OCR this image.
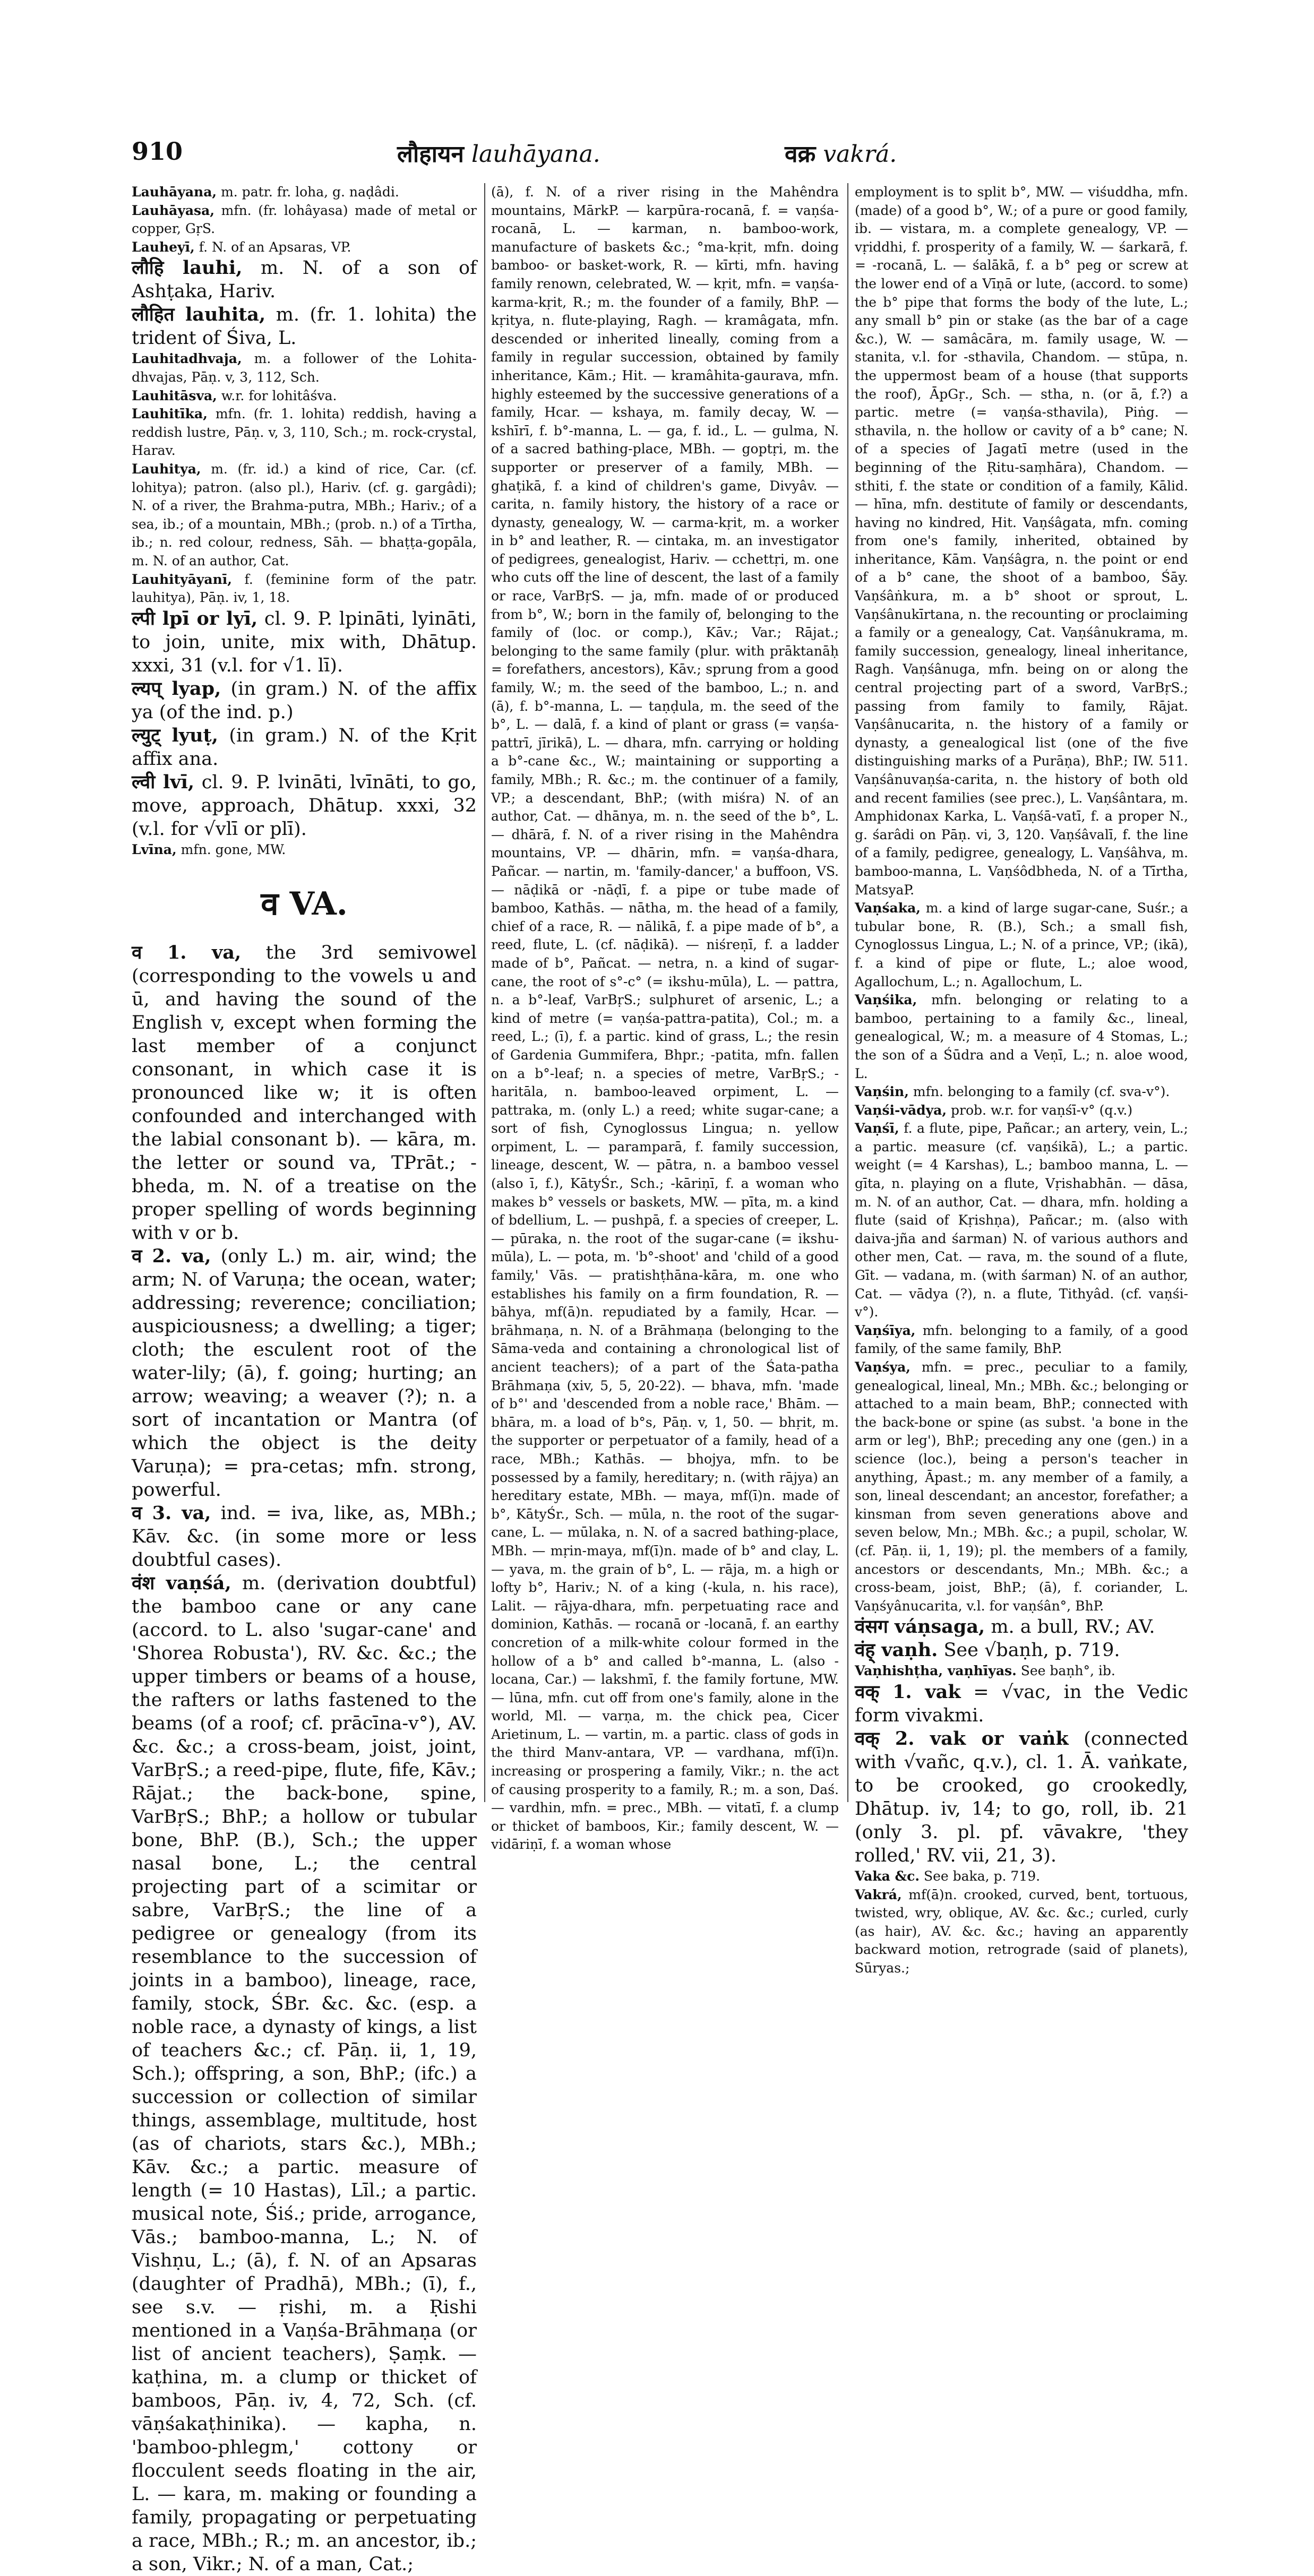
910	लौहायन lauhāyana.	वक्र vakrá.

Lauhāyana, m. patr. fr. loha, g. naḍâdi.

Lauhāyasa, mfn. (fr. lohâyasa) made of metal or copper, GṛS.

Lauheyī, f. N. of an Apsaras, VP.

लौहि lauhi, m. N. of a son of Ashṭaka, Hariv.

लौहित lauhita, m. (fr. 1. lohita) the trident of Śiva, L.

Lauhitadhvaja, m. a follower of the Lohita-dhvajas, Pāṇ. v, 3, 112, Sch.

Lauhitāsva, w.r. for lohitâśva.

Lauhitīka, mfn. (fr. 1. lohita) reddish, having a reddish lustre, Pāṇ. v, 3, 110, Sch.; m. rock-crystal, Harav.

Lauhitya, m. (fr. id.) a kind of rice, Car. (cf. lohitya); patron. (also pl.), Hariv. (cf. g. gargâdi); N. of a river, the Brahma-putra, MBh.; Hariv.; of a sea, ib.; of a mountain, MBh.; (prob. n.) of a Tīrtha, ib.; n. red colour, redness, Sāh. — bhaṭṭa-gopāla, m. N. of an author, Cat.

Lauhityāyanī, f. (feminine form of the patr. lauhitya), Pāṇ. iv, 1, 18.

ल्पी lpī or lyī, cl. 9. P. lpināti, lyināti, to join, unite, mix with, Dhātup. xxxi, 31 (v.l. for √1. lī).

ल्यप् lyap, (in gram.) N. of the affix ya (of the ind. p.)

ल्युट् lyuṭ, (in gram.) N. of the Kṛit affix ana.

ल्वी lvī, cl. 9. P. lvināti, lvīnāti, to go, move, approach, Dhātup. xxxi, 32 (v.l. for √vlī or plī).

Lvīna, mfn. gone, MW.

व VA.

व 1. va, the 3rd semivowel (corresponding to the vowels u and ū, and having the sound of the English v, except when forming the last member of a conjunct consonant, in which case it is pronounced like w; it is often confounded and interchanged with the labial consonant b). — kāra, m. the letter or sound va, TPrāt.; -bheda, m. N. of a treatise on the proper spelling of words beginning with v or b.

व 2. va, (only L.) m. air, wind; the arm; N. of Varuṇa; the ocean, water; addressing; reverence; conciliation; auspiciousness; a dwelling; a tiger; cloth; the esculent root of the water-lily; (ā), f. going; hurting; an arrow; weaving; a weaver (?); n. a sort of incantation or Mantra (of which the object is the deity Varuṇa); = pra-cetas; mfn. strong, powerful.

व 3. va, ind. = iva, like, as, MBh.; Kāv. &c. (in some more or less doubtful cases).

वंश vaṇśá, m. (derivation doubtful) the bamboo cane or any cane (accord. to L. also 'sugar-cane' and 'Shorea Robusta'), RV. &c. &c.; the upper timbers or beams of a house, the rafters or laths fastened to the beams (of a roof; cf. prācīna-v°), AV. &c. &c.; a cross-beam, joist, joint, VarBṛS.; a reed-pipe, flute, fife, Kāv.; Rājat.; the back-bone, spine, VarBṛS.; BhP.; a hollow or tubular bone, BhP. (B.), Sch.; the upper nasal bone, L.; the central projecting part of a scimitar or sabre, VarBṛS.; the line of a pedigree or genealogy (from its resemblance to the succession of joints in a bamboo), lineage, race, family, stock, ŚBr. &c. &c. (esp. a noble race, a dynasty of kings, a list of teachers &c.; cf. Pāṇ. ii, 1, 19, Sch.); offspring, a son, BhP.; (ifc.) a succession or collection of similar things, assemblage, multitude, host (as of chariots, stars &c.), MBh.; Kāv. &c.; a partic. measure of length (= 10 Hastas), Līl.; a partic. musical note, Śiś.; pride, arrogance, Vās.; bamboo-manna, L.; N. of Vishṇu, L.; (ā), f. N. of an Apsaras (daughter of Pradhā), MBh.; (ī), f., see s.v. — ṛishi, m. a Ṛishi mentioned in a Vaṇśa-Brāhmaṇa (or list of ancient teachers), Ṣaṃk. — kaṭhina, m. a clump or thicket of bamboos, Pāṇ. iv, 4, 72, Sch. (cf. vāṇśakaṭhinika). — kapha, n. 'bamboo-phlegm,' cottony or flocculent seeds floating in the air, L. — kara, m. making or founding a family, propagating or perpetuating a race, MBh.; R.; m. an ancestor, ib.; a son, Vikr.; N. of a man, Cat.;

(ā), f. N. of a river rising in the Mahêndra mountains, MārkP. — karpūra-rocanā, f. = vaṇśa-rocanā, L. — karman, n. bamboo-work, manufacture of baskets &c.; °ma-kṛit, mfn. doing bamboo- or basket-work, R. — kīrti, mfn. having family renown, celebrated, W. — kṛit, mfn. = vaṇśa-karma-kṛit, R.; m. the founder of a family, BhP. — kṛitya, n. flute-playing, Ragh. — kramâgata, mfn. descended or inherited lineally, coming from a family in regular succession, obtained by family inheritance, Kām.; Hit. — kramâhita-gaurava, mfn. highly esteemed by the successive generations of a family, Hcar. — kshaya, m. family decay, W. — kshīrī, f. b°-manna, L. — ga, f. id., L. — gulma, N. of a sacred bathing-place, MBh. — goptṛi, m. the supporter or preserver of a family, MBh. — ghaṭikā, f. a kind of children's game, Divyâv. — carita, n. family history, the history of a race or dynasty, genealogy, W. — carma-kṛit, m. a worker in b° and leather, R. — cintaka, m. an investigator of pedigrees, genealogist, Hariv. — cchettṛi, m. one who cuts off the line of descent, the last of a family or race, VarBṛS. — ja, mfn. made of or produced from b°, W.; born in the family of, belonging to the family of (loc. or comp.), Kāv.; Var.; Rājat.; belonging to the same family (plur. with prāktanāḥ = forefathers, ancestors), Kāv.; sprung from a good family, W.; m. the seed of the bamboo, L.; n. and (ā), f. b°-manna, L. — taṇḍula, m. the seed of the b°, L. — dalā, f. a kind of plant or grass (= vaṇśa-pattrī, jīrikā), L. — dhara, mfn. carrying or holding a b°-cane &c., W.; maintaining or supporting a family, MBh.; R. &c.; m. the continuer of a family, VP.; a descendant, BhP.; (with miśra) N. of an author, Cat. — dhānya, m. n. the seed of the b°, L. — dhārā, f. N. of a river rising in the Mahêndra mountains, VP. — dhārin, mfn. = vaṇśa-dhara, Pañcar. — nartin, m. 'family-dancer,' a buffoon, VS. — nāḍikā or -nāḍī, f. a pipe or tube made of bamboo, Kathās. — nātha, m. the head of a family, chief of a race, R. — nālikā, f. a pipe made of b°, a reed, flute, L. (cf. nāḍikā). — niśreṇī, f. a ladder made of b°, Pañcat. — netra, n. a kind of sugar-cane, the root of s°-c° (= ikshu-mūla), L. — pattra, n. a b°-leaf, VarBṛS.; sulphuret of arsenic, L.; a kind of metre (= vaṇśa-pattra-patita), Col.; m. a reed, L.; (ī), f. a partic. kind of grass, L.; the resin of Gardenia Gummifera, Bhpr.; -patita, mfn. fallen on a b°-leaf; n. a species of metre, VarBṛS.; -haritāla, n. bamboo-leaved orpiment, L. — pattraka, m. (only L.) a reed; white sugar-cane; a sort of fish, Cynoglossus Lingua; n. yellow orpiment, L. — paramparā, f. family succession, lineage, descent, W. — pātra, n. a bamboo vessel (also ī, f.), KātyŚr., Sch.; -kāriṇī, f. a woman who makes b° vessels or baskets, MW. — pīta, m. a kind of bdellium, L. — pushpā, f. a species of creeper, L. — pūraka, n. the root of the sugar-cane (= ikshu-mūla), L. — pota, m. 'b°-shoot' and 'child of a good family,' Vās. — pratishṭhāna-kāra, m. one who establishes his family on a firm foundation, R. — bāhya, mf(ā)n. repudiated by a family, Hcar. — brāhmaṇa, n. N. of a Brāhmaṇa (belonging to the Sāma-veda and containing a chronological list of ancient teachers); of a part of the Śata-patha Brāhmaṇa (xiv, 5, 5, 20-22). — bhava, mfn. 'made of b°' and 'descended from a noble race,' Bhām. — bhāra, m. a load of b°s, Pāṇ. v, 1, 50. — bhṛit, m. the supporter or perpetuator of a family, head of a race, MBh.; Kathās. — bhojya, mfn. to be possessed by a family, hereditary; n. (with rājya) an hereditary estate, MBh. — maya, mf(ī)n. made of b°, KātyŚr., Sch. — mūla, n. the root of the sugar-cane, L. — mūlaka, n. N. of a sacred bathing-place, MBh. — mṛin-maya, mf(ī)n. made of b° and clay, L. — yava, m. the grain of b°, L. — rāja, m. a high or lofty b°, Hariv.; N. of a king (-kula, n. his race), Lalit. — rājya-dhara, mfn. perpetuating race and dominion, Kathās. — rocanā or -locanā, f. an earthy concretion of a milk-white colour formed in the hollow of a b° and called b°-manna, L. (also -locana, Car.) — lakshmī, f. the family fortune, MW. — lūna, mfn. cut off from one's family, alone in the world, Ml. — varṇa, m. the chick pea, Cicer Arietinum, L. — vartin, m. a partic. class of gods in the third Manv-antara, VP. — vardhana, mf(ī)n. increasing or prospering a family, Vikr.; n. the act of causing prosperity to a family, R.; m. a son, Daś. — vardhin, mfn. = prec., MBh. — vitatī, f. a clump or thicket of bamboos, Kir.; family descent, W. — vidāriṇī, f. a woman whose

employment is to split b°, MW. — viśuddha, mfn. (made) of a good b°, W.; of a pure or good family, ib. — vistara, m. a complete genealogy, VP. — vṛiddhi, f. prosperity of a family, W. — śarkarā, f. = -rocanā, L. — śalākā, f. a b° peg or screw at the lower end of a Vīṇā or lute, (accord. to some) the b° pipe that forms the body of the lute, L.; any small b° pin or stake (as the bar of a cage &c.), W. — samâcāra, m. family usage, W. — stanita, v.l. for -sthavila, Chandom. — stūpa, n. the uppermost beam of a house (that supports the roof), ĀpGṛ., Sch. — stha, n. (or ā, f.?) a partic. metre (= vaṇśa-sthavila), Piṅg. — sthavila, n. the hollow or cavity of a b° cane; N. of a species of Jagatī metre (used in the beginning of the Ṛitu-saṃhāra), Chandom. — sthiti, f. the state or condition of a family, Kālid. — hīna, mfn. destitute of family or descendants, having no kindred, Hit. Vaṇśâgata, mfn. coming from one's family, inherited, obtained by inheritance, Kām. Vaṇśâgra, n. the point or end of a b° cane, the shoot of a bamboo, Śāy. Vaṇśâṅkura, m. a b° shoot or sprout, L. Vaṇśânukīrtana, n. the recounting or proclaiming a family or a genealogy, Cat. Vaṇśânukrama, m. family succession, genealogy, lineal inheritance, Ragh. Vaṇśânuga, mfn. being on or along the central projecting part of a sword, VarBṛS.; passing from family to family, Rājat. Vaṇśânucarita, n. the history of a family or dynasty, a genealogical list (one of the five distinguishing marks of a Purāṇa), BhP.; IW. 511. Vaṇśânuvaṇśa-carita, n. the history of both old and recent families (see prec.), L. Vaṇśântara, m. Amphidonax Karka, L. Vaṇśā-vatī, f. a proper N., g. śarâdi on Pāṇ. vi, 3, 120. Vaṇśâvalī, f. the line of a family, pedigree, genealogy, L. Vaṇśâhva, m. bamboo-manna, L. Vaṇśôdbheda, N. of a Tīrtha, MatsyaP.

Vaṇśaka, m. a kind of large sugar-cane, Suśr.; a tubular bone, R. (B.), Sch.; a small fish, Cynoglossus Lingua, L.; N. of a prince, VP.; (ikā), f. a kind of pipe or flute, L.; aloe wood, Agallochum, L.; n. Agallochum, L.

Vaṇśika, mfn. belonging or relating to a bamboo, pertaining to a family &c., lineal, genealogical, W.; m. a measure of 4 Stomas, L.; the son of a Śūdra and a Veṇī, L.; n. aloe wood, L.

Vaṇśin, mfn. belonging to a family (cf. sva-v°).

Vaṇśi-vādya, prob. w.r. for vaṇśī-v° (q.v.)

Vaṇśī, f. a flute, pipe, Pañcar.; an artery, vein, L.; a partic. measure (cf. vaṇśikā), L.; a partic. weight (= 4 Karshas), L.; bamboo manna, L. — gīta, n. playing on a flute, Vṛishabhān. — dāsa, m. N. of an author, Cat. — dhara, mfn. holding a flute (said of Kṛishṇa), Pañcar.; m. (also with daiva-jña and śarman) N. of various authors and other men, Cat. — rava, m. the sound of a flute, Gīt. — vadana, m. (with śarman) N. of an author, Cat. — vādya (?), n. a flute, Tithyâd. (cf. vaṇśi-v°).

Vaṇśīya, mfn. belonging to a family, of a good family, of the same family, BhP.

Vaṇśya, mfn. = prec., peculiar to a family, genealogical, lineal, Mn.; MBh. &c.; belonging or attached to a main beam, BhP.; connected with the back-bone or spine (as subst. 'a bone in the arm or leg'), BhP.; preceding any one (gen.) in a science (loc.), being a person's teacher in anything, Āpast.; m. any member of a family, a son, lineal descendant; an ancestor, forefather; a kinsman from seven generations above and seven below, Mn.; MBh. &c.; a pupil, scholar, W. (cf. Pāṇ. ii, 1, 19); pl. the members of a family, ancestors or descendants, Mn.; MBh. &c.; a cross-beam, joist, BhP.; (ā), f. coriander, L. Vaṇśyânucarita, v.l. for vaṇśân°, BhP.

वंसग váṇsaga, m. a bull, RV.; AV.

वंह् vaṇh. See √baṇh, p. 719.

Vaṇhishṭha, vaṇhīyas. See baṇh°, ib.

वक् 1. vak = √vac, in the Vedic form vivakmi.

वक् 2. vak or vaṅk (connected with √vañc, q.v.), cl. 1. Ā. vaṅkate, to be crooked, go crookedly, Dhātup. iv, 14; to go, roll, ib. 21 (only 3. pl. pf. vāvakre, 'they rolled,' RV. vii, 21, 3).

Vaka &c. See baka, p. 719.

Vakrá, mf(ā)n. crooked, curved, bent, tortuous, twisted, wry, oblique, AV. &c. &c.; curled, curly (as hair), AV. &c. &c.; having an apparently backward motion, retrograde (said of planets), Sūryas.;
